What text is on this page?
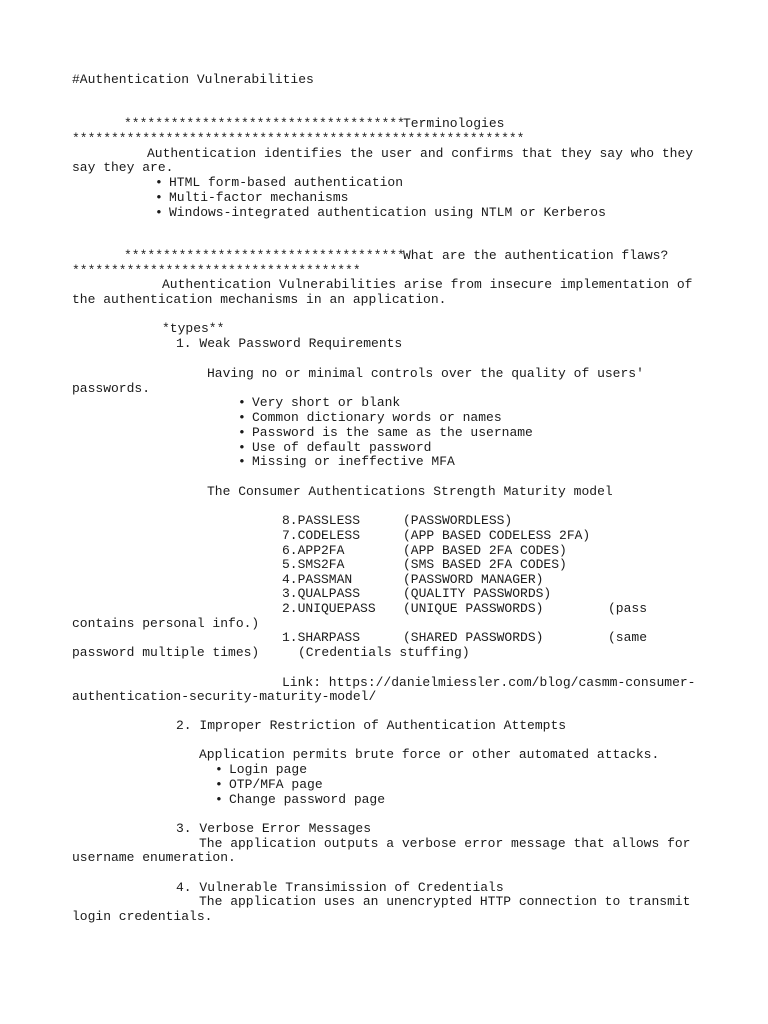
#Authentication Vulnerabilities
************************************
Terminologies
**********************************************************
Authentication identifies the user and confirms that they say who they
say they are.
• HTML form-based authentication
• Multi-factor mechanisms
• Windows-integrated authentication using NTLM or Kerberos
************************************
What are the authentication flaws?
*************************************
Authentication Vulnerabilities arise from insecure implementation of
the authentication mechanisms in an application.
*types**
1. Weak Password Requirements
Having no or minimal controls over the quality of users'
passwords.
• Very short or blank
• Common dictionary words or names
• Password is the same as the username
• Use of default password
• Missing or ineffective MFA
The Consumer Authentications Strength Maturity model
8.PASSLESS	(PASSWORDLESS)
7.CODELESS	(APP BASED CODELESS 2FA)
6.APP2FA	(APP BASED 2FA CODES)
5.SMS2FA	(SMS BASED 2FA CODES)
4.PASSMAN	(PASSWORD MANAGER)
3.QUALPASS	(QUALITY PASSWORDS)
2.UNIQUEPASS (UNIQUE PASSWORDS)	(pass
contains personal info.)
1.SHARPASS	(SHARED PASSWORDS)	(same
password multiple times)	(Credentials stuffing)
Link: https://danielmiessler.com/blog/casmm-consumer-
authentication-security-maturity-model/
2. Improper Restriction of Authentication Attempts
Application permits brute force or other automated attacks.
• Login page
• OTP/MFA page
• Change password page
3. Verbose Error Messages
The application outputs a verbose error message that allows for
username enumeration.
4. Vulnerable Transimission of Credentials
The application uses an unencrypted HTTP connection to transmit
login credentials.
